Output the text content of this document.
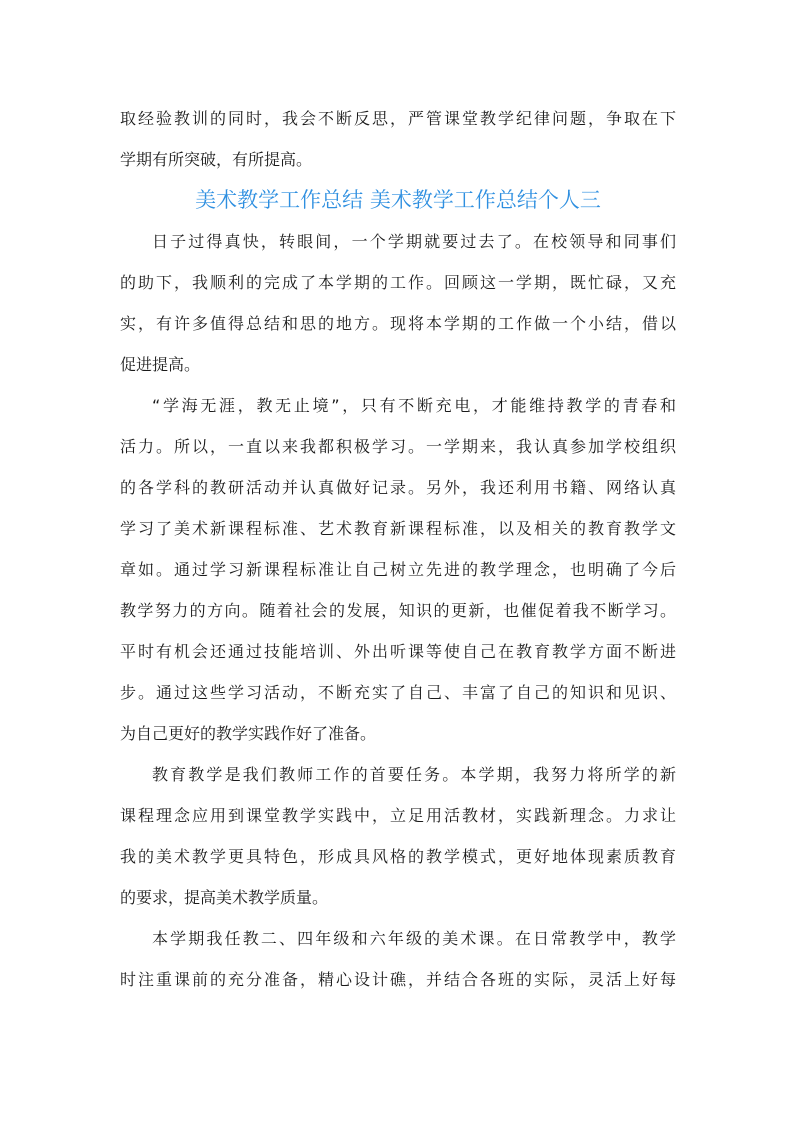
取经验教训的同时，我会不断反思，严管课堂教学纪律问题，争取在下
学期有所突破，有所提高。
美术教学工作总结 美术教学工作总结个人三
日子过得真快，转眼间，一个学期就要过去了。在校领导和同事们
的助下，我顺利的完成了本学期的工作。回顾这一学期，既忙碌，又充
实，有许多值得总结和思的地方。现将本学期的工作做一个小结，借以
促进提高。
“学海无涯，教无止境”，只有不断充电，才能维持教学的青春和
活力。所以，一直以来我都积极学习。一学期来，我认真参加学校组织
的各学科的教研活动并认真做好记录。另外，我还利用书籍、网络认真
学习了美术新课程标准、艺术教育新课程标准，以及相关的教育教学文
章如。通过学习新课程标准让自己树立先进的教学理念，也明确了今后
教学努力的方向。随着社会的发展，知识的更新，也催促着我不断学习。
平时有机会还通过技能培训、外出听课等使自己在教育教学方面不断进
步。通过这些学习活动，不断充实了自己、丰富了自己的知识和见识、
为自己更好的教学实践作好了准备。
教育教学是我们教师工作的首要任务。本学期，我努力将所学的新
课程理念应用到课堂教学实践中，立足用活教材，实践新理念。力求让
我的美术教学更具特色，形成具风格的教学模式，更好地体现素质教育
的要求，提高美术教学质量。
本学期我任教二、四年级和六年级的美术课。在日常教学中，教学
时注重课前的充分准备，精心设计礁，并结合各班的实际，灵活上好每
